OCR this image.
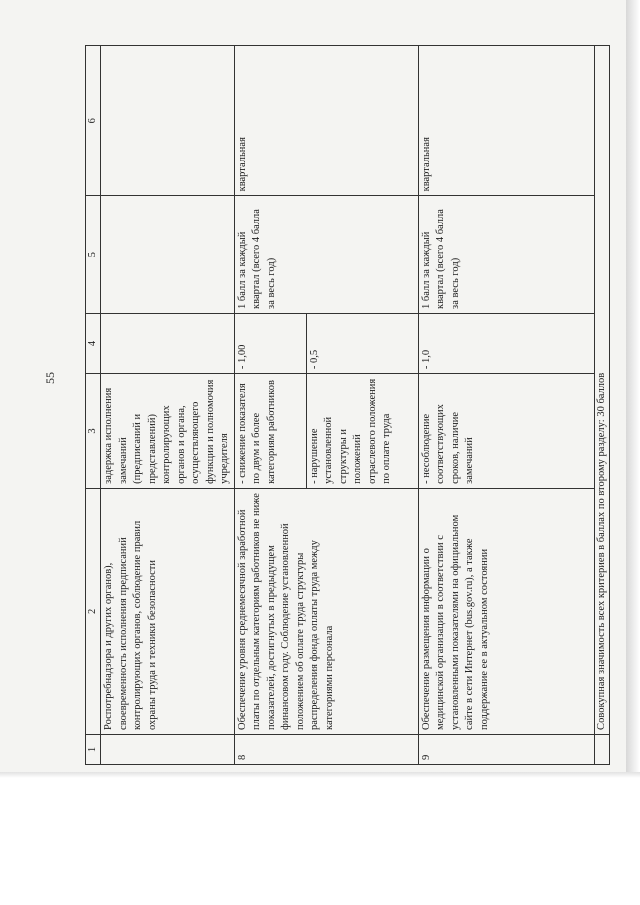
55
1	2	3	4	5	6
	Роспотребнадзора и других органов), своевременность исполнения предписаний контролирующих органов, соблюдение правил охраны труда и техники безопасности	задержка исполнения замечаний (предписаний и представлений) контролирующих органов и органа, осуществляющего функции и полномочия учредителя			
8	Обеспечение уровня среднемесячной заработной платы по отдельным категориям работников не ниже показателей, достигнутых в предыдущем финансовом году. Соблюдение установленной положением об оплате труда структуры распределения фонда оплаты труда между категориями персонала	- снижение показателя по двум и более категориям работников	- 1,00	1 балл за каждый квартал (всего 4 балла за весь год)	квартальная
		- нарушение установленной структуры и положений отраслевого положения по оплате труда	- 0,5		
9	Обеспечение размещения информации о медицинской организации в соответствии с установленными показателями на официальном сайте в сети Интернет (bus.gov.ru), а также поддержание ее в актуальном состоянии	- несоблюдение соответствующих сроков, наличие замечаний	- 1,0	1 балл за каждый квартал (всего 4 балла за весь год)	квартальная
	Совокупная значимость всех критериев в баллах по второму разделу: 30 баллов				
